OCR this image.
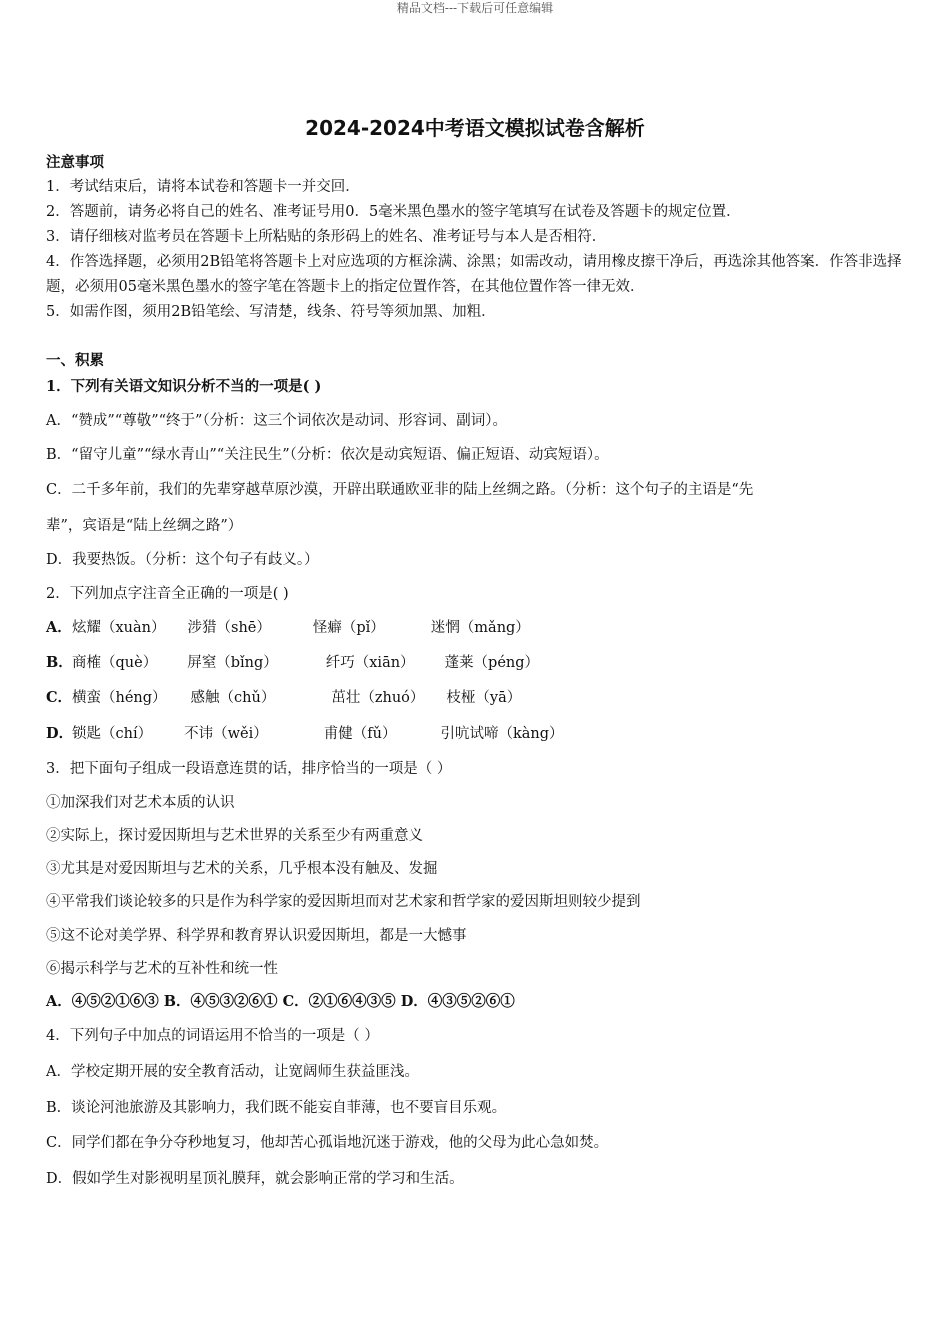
精品文档---下载后可任意编辑
2024-2024中考语文模拟试卷含解析
注意事项
1．考试结束后，请将本试卷和答题卡一并交回．
2．答题前，请务必将自己的姓名、准考证号用0．5毫米黑色墨水的签字笔填写在试卷及答题卡的规定位置．
3．请仔细核对监考员在答题卡上所粘贴的条形码上的姓名、准考证号与本人是否相符．
4．作答选择题，必须用2B铅笔将答题卡上对应选项的方框涂满、涂黑；如需改动，请用橡皮擦干净后，再选涂其他答案．作答非选择题，必须用05毫米黑色墨水的签字笔在答题卡上的指定位置作答，在其他位置作答一律无效．
5．如需作图，须用2B铅笔绘、写清楚，线条、符号等须加黑、加粗．
一、积累
1．下列有关语文知识分析不当的一项是( )
A．“赞成”“尊敬”“终于”（分析：这三个词依次是动词、形容词、副词）。
B．“留守儿童”“绿水青山”“关注民生”（分析：依次是动宾短语、偏正短语、动宾短语）。
C．二千多年前，我们的先辈穿越草原沙漠，开辟出联通欧亚非的陆上丝绸之路。（分析：这个句子的主语是“先
辈”，宾语是“陆上丝绸之路”）
D．我要热饭。（分析：这个句子有歧义。）
2．下列加点字注音全正确的一项是( )
A．炫耀（xuàn） 涉猎（shē）	怪癖（pǐ）	迷惘（mǎng）
B．商榷（què） 屏窒（bǐng）	纤巧（xiān） 蓬莱（péng）
C．横蛮（héng） 感触（chǔ）	茁壮（zhuó） 枝桠（yā）
D．锁匙（chí） 不讳（wěi）	甫健（fǔ）	引吭试啼（kàng）
3．把下面句子组成一段语意连贯的话，排序恰当的一项是（ ）
①加深我们对艺术本质的认识
②实际上，探讨爱因斯坦与艺术世界的关系至少有两重意义
③尤其是对爱因斯坦与艺术的关系，几乎根本没有触及、发掘
④平常我们谈论较多的只是作为科学家的爱因斯坦而对艺术家和哲学家的爱因斯坦则较少提到
⑤这不论对美学界、科学界和教育界认识爱因斯坦，都是一大憾事
⑥揭示科学与艺术的互补性和统一性
A．④⑤②①⑥③ B．④⑤③②⑥① C．②①⑥④③⑤ D．④③⑤②⑥①
4．下列句子中加点的词语运用不恰当的一项是（ ）
A．学校定期开展的安全教育活动，让宽阔师生获益匪浅。
B．谈论河池旅游及其影响力，我们既不能妄自菲薄，也不要盲目乐观。
C．同学们都在争分夺秒地复习，他却苦心孤诣地沉迷于游戏，他的父母为此心急如焚。
D．假如学生对影视明星顶礼膜拜，就会影响正常的学习和生活。
